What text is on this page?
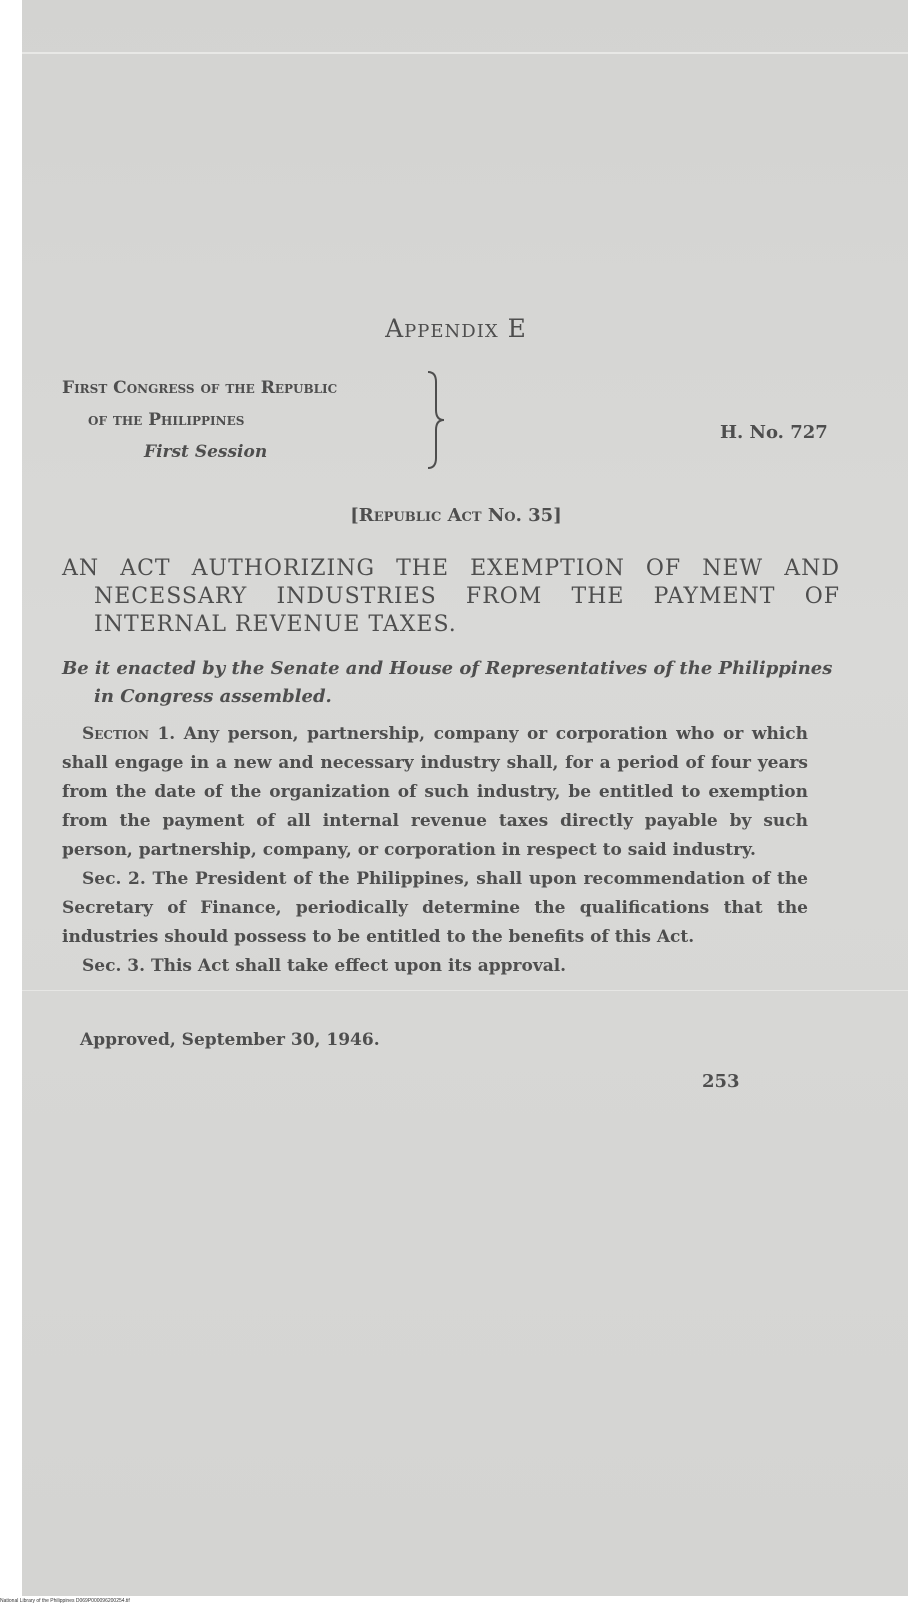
Appendix E
First Congress of the Republic
of the Philippines
First Session
H. No. 727
[Republic Act No. 35]
AN ACT AUTHORIZING THE EXEMPTION OF NEW AND NECESSARY INDUSTRIES FROM THE PAYMENT OF INTERNAL REVENUE TAXES.
Be it enacted by the Senate and House of Representatives of the Philippines in Congress assembled.

Section 1. Any person, partnership, company or corporation who or which shall engage in a new and necessary industry shall, for a period of four years from the date of the organization of such industry, be entitled to exemption from the payment of all internal revenue taxes directly payable by such person, partnership, company, or corporation in respect to said industry.

Sec. 2. The President of the Philippines, shall upon recommendation of the Secretary of Finance, periodically determine the qualifications that the industries should possess to be entitled to the benefits of this Act.

Sec. 3. This Act shall take effect upon its approval.

Approved, September 30, 1946.
253
National Library of the Philippines D069P000096200254.tif
